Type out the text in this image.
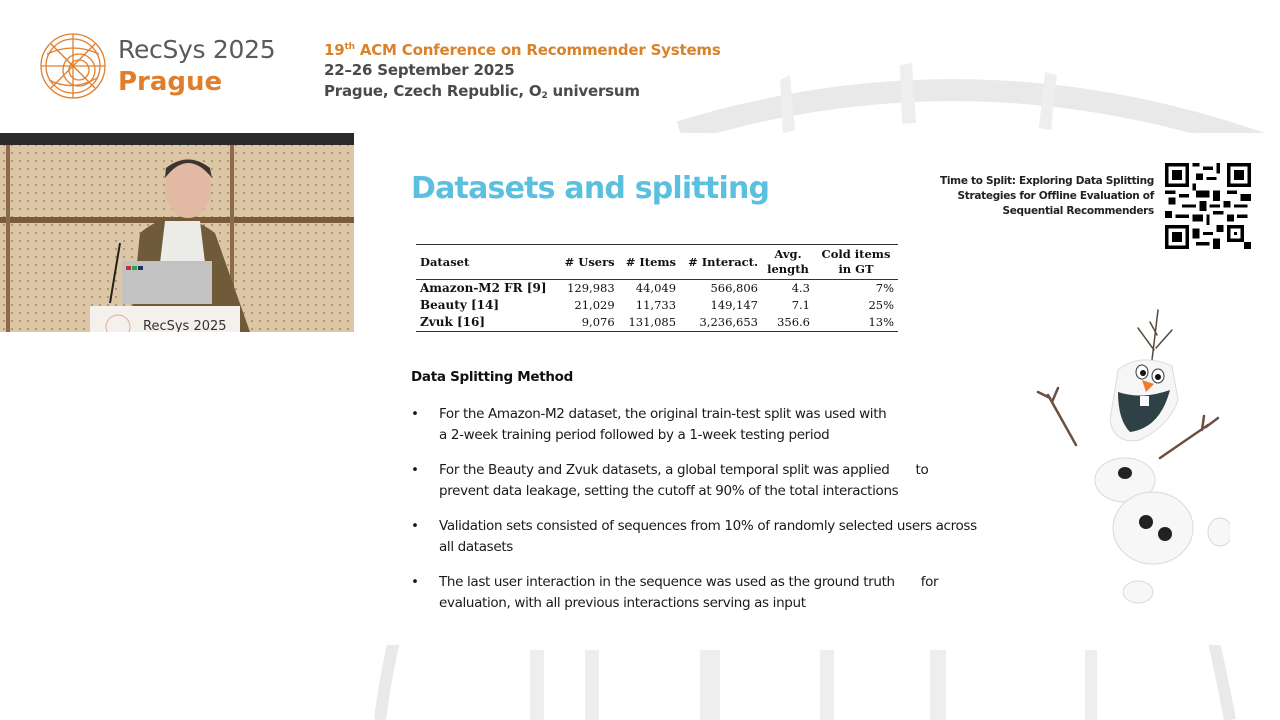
RecSys 2025
Prague
19th ACM Conference on Recommender Systems
22–26 September 2025
Prague, Czech Republic, $O_2$ universum
RecSys 2025
Datasets and splitting	Time to Split: Exploring Data Splitting Strategies for Offline Evaluation of Sequential Recommenders
Dataset	# Users	# Items	# Interact.	Avg. length	Cold items in GT
Amazon-M2 FR [9]	129,983	44,049	566,806	4.3	7%
Beauty [14]	21,029	11,733	149,147	7.1	25%
Zvuk [16]	9,076	131,085	3,236,653	356.6	13%
Data Splitting Method
• For the Amazon-M2 dataset, the original train-test split was used with a 2-week training period followed by a 1-week testing period
• For the Beauty and Zvuk datasets, a global temporal split was applied to
prevent data leakage, setting the cutoff at 90% of the total interactions
• Validation sets consisted of sequences from 10% of randomly selected users across all datasets
• The last user interaction in the sequence was used as the ground truth for
evaluation, with all previous interactions serving as input
